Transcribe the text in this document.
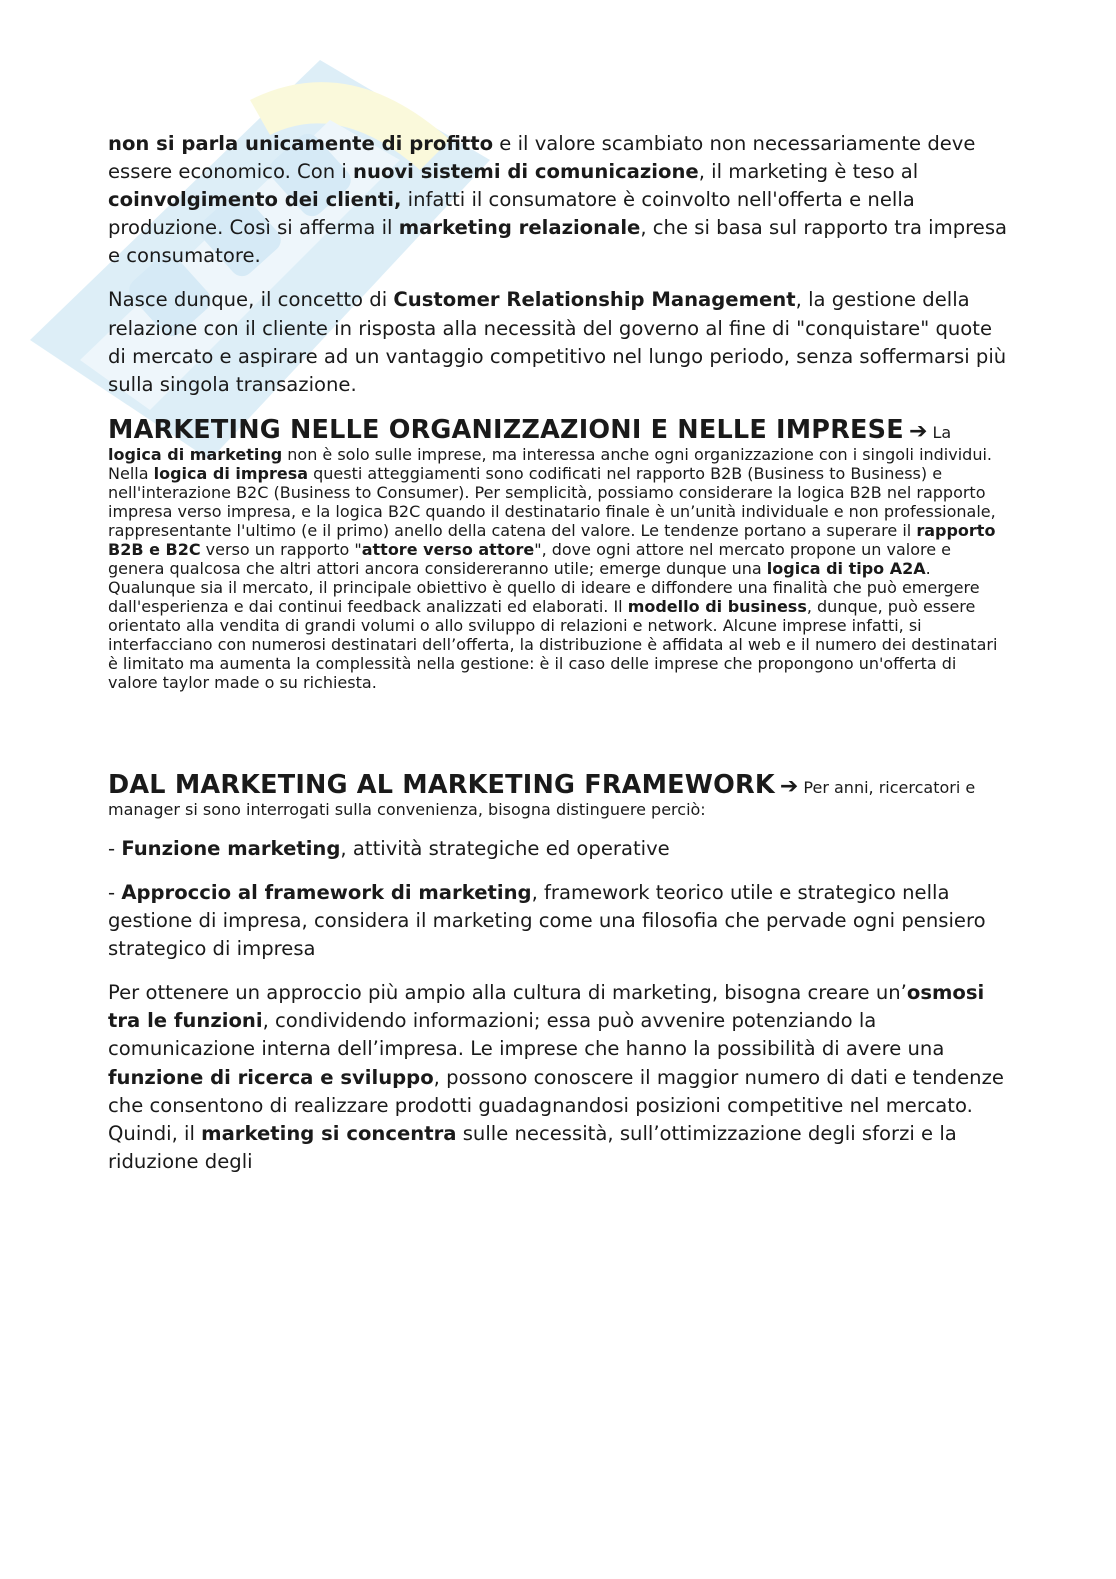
non si parla unicamente di profitto e il valore scambiato non necessariamente deve essere economico. Con i nuovi sistemi di comunicazione, il marketing è teso al coinvolgimento dei clienti, infatti il consumatore è coinvolto nell'offerta e nella produzione. Così si afferma il marketing relazionale, che si basa sul rapporto tra impresa e consumatore.

Nasce dunque, il concetto di Customer Relationship Management, la gestione della relazione con il cliente in risposta alla necessità del governo al fine di "conquistare" quote di mercato e aspirare ad un vantaggio competitivo nel lungo periodo, senza soffermarsi più sulla singola transazione.

MARKETING NELLE ORGANIZZAZIONI E NELLE IMPRESE ➔ La logica di marketing non è solo sulle imprese, ma interessa anche ogni organizzazione con i singoli individui. Nella logica di impresa questi atteggiamenti sono codificati nel rapporto B2B (Business to Business) e nell'interazione B2C (Business to Consumer). Per semplicità, possiamo considerare la logica B2B nel rapporto impresa verso impresa, e la logica B2C quando il destinatario finale è un’unità individuale e non professionale, rappresentante l'ultimo (e il primo) anello della catena del valore. Le tendenze portano a superare il rapporto B2B e B2C verso un rapporto "attore verso attore", dove ogni attore nel mercato propone un valore e genera qualcosa che altri attori ancora considereranno utile; emerge dunque una logica di tipo A2A. Qualunque sia il mercato, il principale obiettivo è quello di ideare e diffondere una finalità che può emergere dall'esperienza e dai continui feedback analizzati ed elaborati. Il modello di business, dunque, può essere orientato alla vendita di grandi volumi o allo sviluppo di relazioni e network. Alcune imprese infatti, si interfacciano con numerosi destinatari dell’offerta, la distribuzione è affidata al web e il numero dei destinatari è limitato ma aumenta la complessità nella gestione: è il caso delle imprese che propongono un'offerta di valore taylor made o su richiesta.

DAL MARKETING AL MARKETING FRAMEWORK ➔ Per anni, ricercatori e manager si sono interrogati sulla convenienza, bisogna distinguere perciò:

- Funzione marketing, attività strategiche ed operative

- Approccio al framework di marketing, framework teorico utile e strategico nella gestione di impresa, considera il marketing come una filosofia che pervade ogni pensiero strategico di impresa

Per ottenere un approccio più ampio alla cultura di marketing, bisogna creare un’osmosi tra le funzioni, condividendo informazioni; essa può avvenire potenziando la comunicazione interna dell’impresa. Le imprese che hanno la possibilità di avere una funzione di ricerca e sviluppo, possono conoscere il maggior numero di dati e tendenze che consentono di realizzare prodotti guadagnandosi posizioni competitive nel mercato. Quindi, il marketing si concentra sulle necessità, sull’ottimizzazione degli sforzi e la riduzione degli
